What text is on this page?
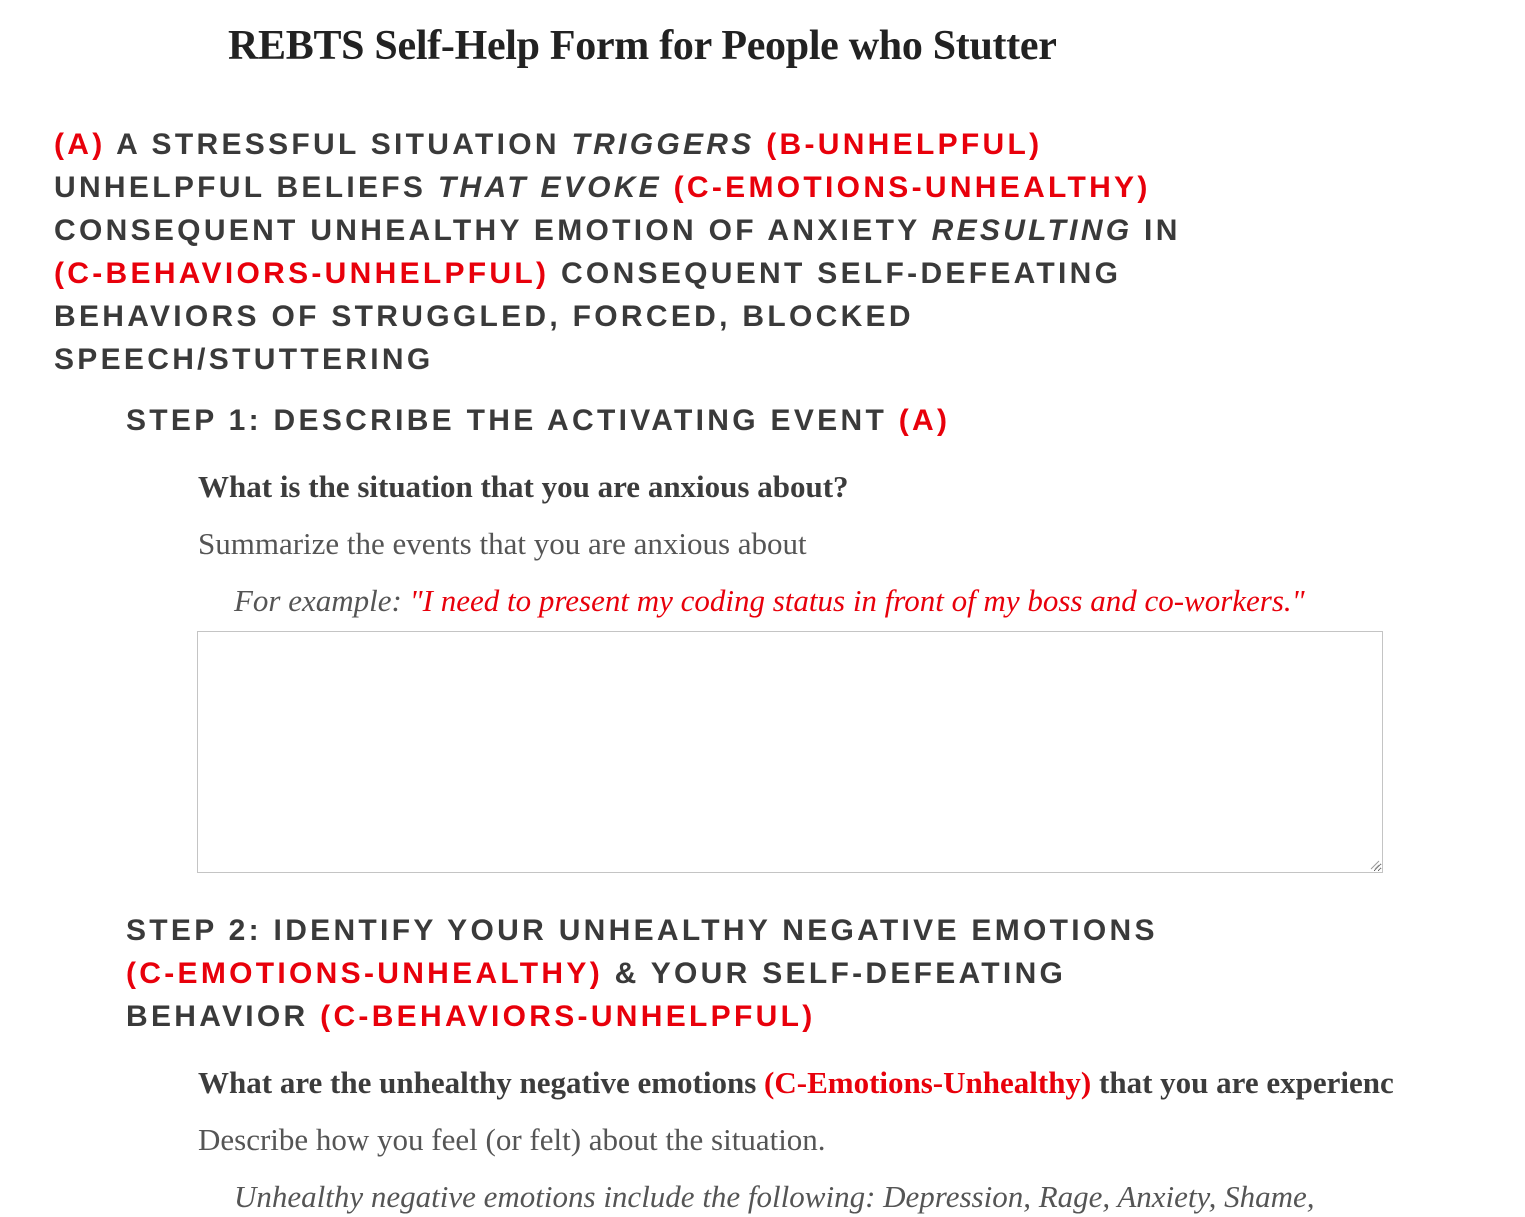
REBTS Self-Help Form for People who Stutter
(A) A STRESSFUL SITUATION TRIGGERS (B-UNHELPFUL)
UNHELPFUL BELIEFS THAT EVOKE (C-EMOTIONS-UNHEALTHY)
CONSEQUENT UNHEALTHY EMOTION OF ANXIETY RESULTING IN
(C-BEHAVIORS-UNHELPFUL) CONSEQUENT SELF-DEFEATING
BEHAVIORS OF STRUGGLED, FORCED, BLOCKED
SPEECH/STUTTERING
STEP 1: DESCRIBE THE ACTIVATING EVENT (A)

What is the situation that you are anxious about?

Summarize the events that you are anxious about

For example: "I need to present my coding status in front of my boss and co-workers."

STEP 2: IDENTIFY YOUR UNHEALTHY NEGATIVE EMOTIONS
(C-EMOTIONS-UNHEALTHY) & YOUR SELF-DEFEATING
BEHAVIOR (C-BEHAVIORS-UNHELPFUL)

What are the unhealthy negative emotions (C-Emotions-Unhealthy) that you are experienc

Describe how you feel (or felt) about the situation.

Unhealthy negative emotions include the following: Depression, Rage, Anxiety, Shame,
